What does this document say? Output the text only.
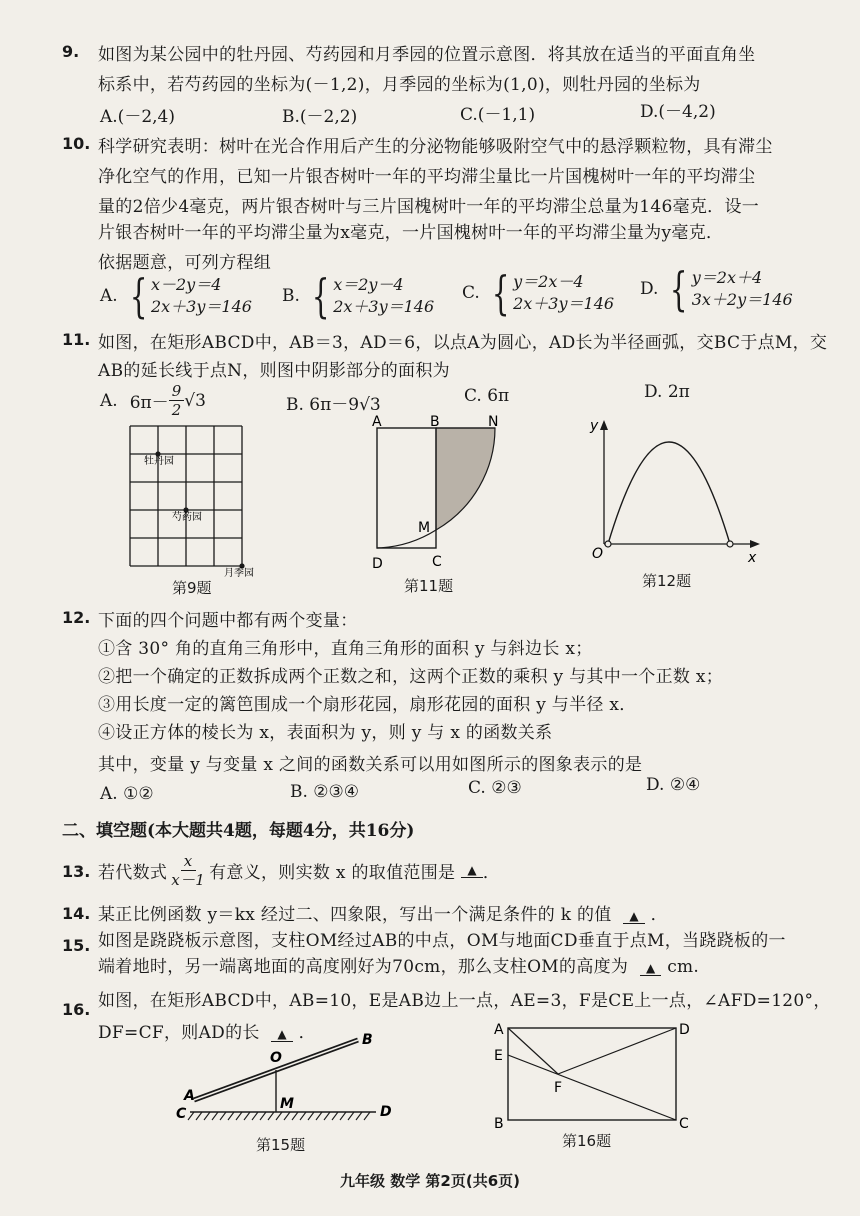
9. 如图为某公园中的牡丹园、芍药园和月季园的位置示意图．将其放在适当的平面直角坐
标系中，若芍药园的坐标为(－1,2)，月季园的坐标为(1,0)，则牡丹园的坐标为
A.(－2,4)	B.(－2,2)	C.(－1,1)	D.(－4,2)
10. 科学研究表明：树叶在光合作用后产生的分泌物能够吸附空气中的悬浮颗粒物，具有滞尘
净化空气的作用，已知一片银杏树叶一年的平均滞尘量比一片国槐树叶一年的平均滞尘
量的2倍少4毫克，两片银杏树叶与三片国槐树叶一年的平均滞尘总量为146毫克．设一
片银杏树叶一年的平均滞尘量为x毫克，一片国槐树叶一年的平均滞尘量为y毫克．
依据题意，可列方程组
A. { x－2y＝4
2x＋3y＝146
B. { x＝2y－4
2x＋3y＝146
C. { y＝2x－4
2x＋3y＝146
D. { y＝2x＋4
3x＋2y＝146
11. 如图，在矩形ABCD中，AB＝3，AD＝6，以点A为圆心，AD长为半径画弧，交BC于点M，交
AB的延长线于点N，则图中阴影部分的面积为
A. $6\pi- \frac{9}{2} √3$	B. 6π－9√3	C. 6π	D. 2π
牡丹园
芍药园
月季园
第9题
A	B	N
M
D	C
第11题
y
x
O
第12题
12. 下面的四个问题中都有两个变量：
①含 30° 角的直角三角形中，直角三角形的面积 y 与斜边长 x；
②把一个确定的正数拆成两个正数之和，这两个正数的乘积 y 与其中一个正数 x；
③用长度一定的篱笆围成一个扇形花园，扇形花园的面积 y 与半径 x．
④设正方体的棱长为 x，表面积为 y，则 y 与 x 的函数关系
其中，变量 y 与变量 x 之间的函数关系可以用如图所示的图象表示的是
A. ①②	B. ②③④	C. ②③	D. ②④
二、填空题(本大题共4题，每题4分，共16分)
13. 若代数式 $\frac{x}{x-1}$ 有意义，则实数 x 的取值范围是	▲ ．
14. 某正比例函数 y＝kx 经过二、四象限，写出一个满足条件的 k 的值 ▲ ．
15. 如图是跷跷板示意图，支柱OM经过AB的中点，OM与地面CD垂直于点M，当跷跷板的一
端着地时，另一端离地面的高度刚好为70cm，那么支柱OM的高度为 ▲ cm.
16. 如图，在矩形ABCD中，AB=10，E是AB边上一点，AE=3，F是CE上一点，∠AFD=120°，
DF=CF，则AD的长 ▲ ．
A
B
O
M
C	D
第15题
A	D
E
F
B	C
第16题
九年级 数学 第2页(共6页)
